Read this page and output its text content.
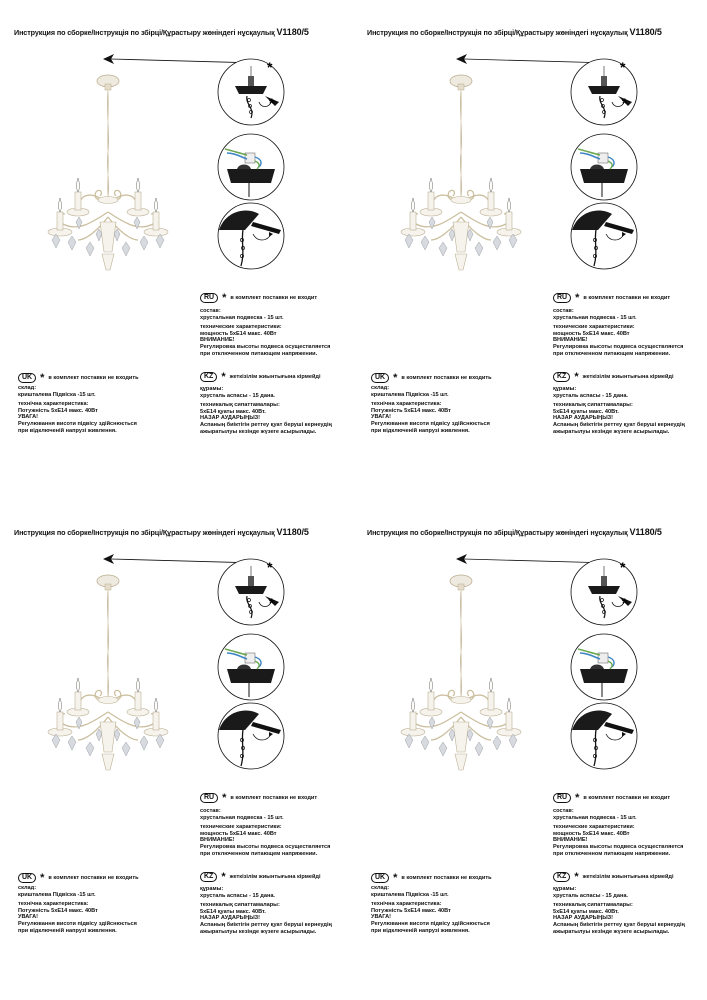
Инструкция по сборке/Інструкція по збірці/Құрастыру жөніндегі нұсқаулық V1180/5
*
*
RU * в комплект поставки не входит
состав:
хрустальная подвеска - 15 шт.
технические характеристики:
мощность 5хЕ14 макс. 40Вт
ВНИМАНИЕ!
Регулировка высоты подвеса осуществляется
при отключенном питающем напряжении.
UK * в комплект поставки не входить
склад:
кришталева Підвіска -15 шт.
технічна характеристика:
Потужність 5хЕ14 макс. 40Вт
УВАГА!
Регулювання висоти підвісу здійснюється
при відключеній напрузі живлення.
KZ * жеткізілім жиынтығына кірмейді
құрамы:
хрусталь аспасы - 15 дана.
техникалық сипаттамалары:
5хЕ14 қуаты макс. 40Вт.
НАЗАР АУДАРЫҢЫЗ!
Аспаның биіктігін реттеу қуат беруші кернеудің
ажыратылуы кезінде жүзеге асырылады.
Инструкция по сборке/Інструкція по збірці/Құрастыру жөніндегі нұсқаулық V1180/5
*
*
RU * в комплект поставки не входит
состав:
хрустальная подвеска - 15 шт.
технические характеристики:
мощность 5хЕ14 макс. 40Вт
ВНИМАНИЕ!
Регулировка высоты подвеса осуществляется
при отключенном питающем напряжении.
UK * в комплект поставки не входить
склад:
кришталева Підвіска -15 шт.
технічна характеристика:
Потужність 5хЕ14 макс. 40Вт
УВАГА!
Регулювання висоти підвісу здійснюється
при відключеній напрузі живлення.
KZ * жеткізілім жиынтығына кірмейді
құрамы:
хрусталь аспасы - 15 дана.
техникалық сипаттамалары:
5хЕ14 қуаты макс. 40Вт.
НАЗАР АУДАРЫҢЫЗ!
Аспаның биіктігін реттеу қуат беруші кернеудің
ажыратылуы кезінде жүзеге асырылады.
Инструкция по сборке/Інструкція по збірці/Құрастыру жөніндегі нұсқаулық V1180/5
*
*
RU * в комплект поставки не входит
состав:
хрустальная подвеска - 15 шт.
технические характеристики:
мощность 5хЕ14 макс. 40Вт
ВНИМАНИЕ!
Регулировка высоты подвеса осуществляется
при отключенном питающем напряжении.
UK * в комплект поставки не входить
склад:
кришталева Підвіска -15 шт.
технічна характеристика:
Потужність 5хЕ14 макс. 40Вт
УВАГА!
Регулювання висоти підвісу здійснюється
при відключеній напрузі живлення.
KZ * жеткізілім жиынтығына кірмейді
құрамы:
хрусталь аспасы - 15 дана.
техникалық сипаттамалары:
5хЕ14 қуаты макс. 40Вт.
НАЗАР АУДАРЫҢЫЗ!
Аспаның биіктігін реттеу қуат беруші кернеудің
ажыратылуы кезінде жүзеге асырылады.
Инструкция по сборке/Інструкція по збірці/Құрастыру жөніндегі нұсқаулық V1180/5
*
*
RU * в комплект поставки не входит
состав:
хрустальная подвеска - 15 шт.
технические характеристики:
мощность 5хЕ14 макс. 40Вт
ВНИМАНИЕ!
Регулировка высоты подвеса осуществляется
при отключенном питающем напряжении.
UK * в комплект поставки не входить
склад:
кришталева Підвіска -15 шт.
технічна характеристика:
Потужність 5хЕ14 макс. 40Вт
УВАГА!
Регулювання висоти підвісу здійснюється
при відключеній напрузі живлення.
KZ * жеткізілім жиынтығына кірмейді
құрамы:
хрусталь аспасы - 15 дана.
техникалық сипаттамалары:
5хЕ14 қуаты макс. 40Вт.
НАЗАР АУДАРЫҢЫЗ!
Аспаның биіктігін реттеу қуат беруші кернеудің
ажыратылуы кезінде жүзеге асырылады.
